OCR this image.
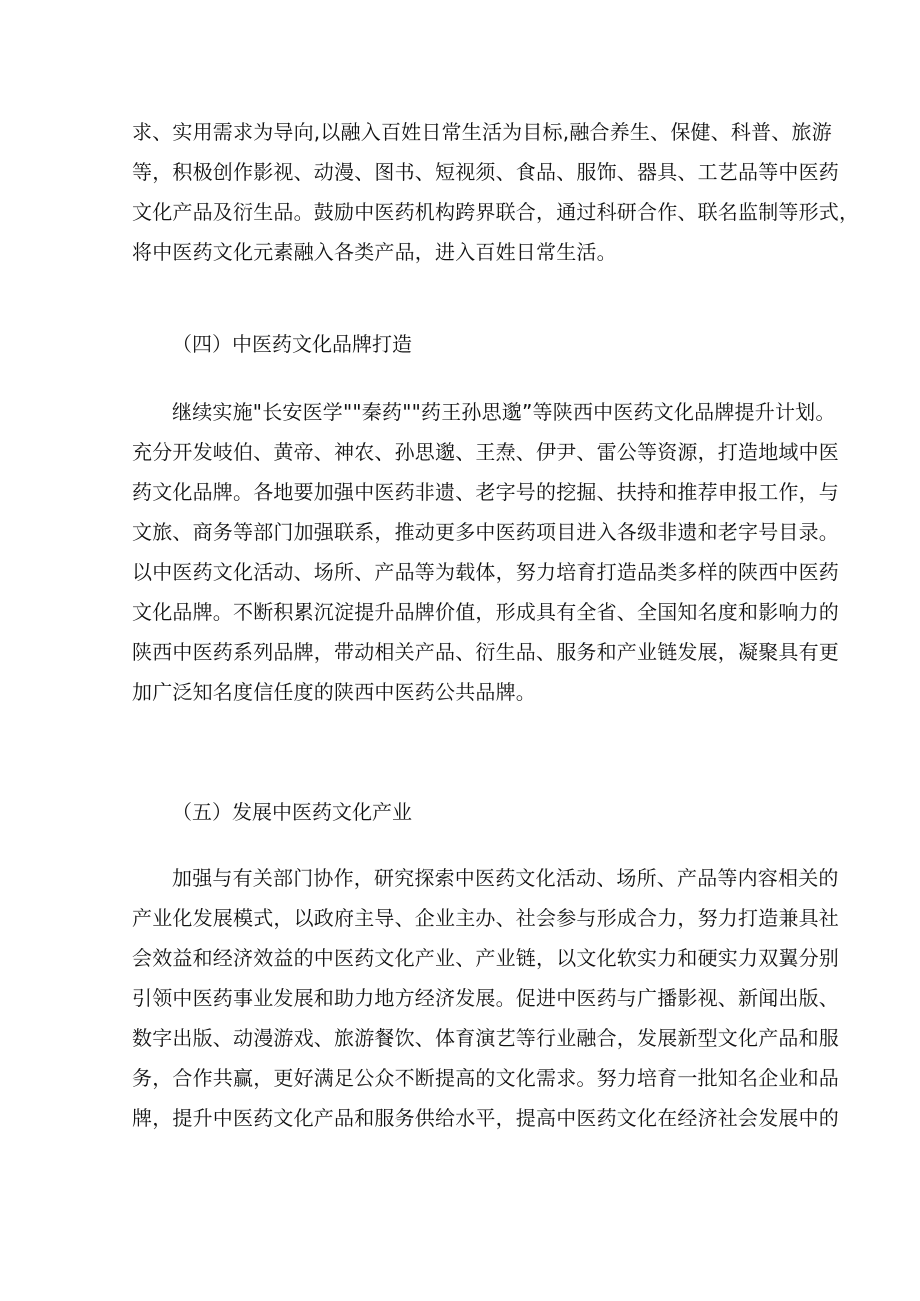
求、实用需求为导向,以融入百姓日常生活为目标,融合养生、保健、科普、旅游
等，积极创作影视、动漫、图书、短视须、食品、服饰、器具、工艺品等中医药
文化产品及衍生品。鼓励中医药机构跨界联合，通过科研合作、联名监制等形式，
将中医药文化元素融入各类产品，进入百姓日常生活。
（四）中医药文化品牌打造
继续实施"长安医学""秦药""药王孙思邈”等陕西中医药文化品牌提升计划。
充分开发岐伯、黄帝、神农、孙思邈、王焘、伊尹、雷公等资源，打造地域中医
药文化品牌。各地要加强中医药非遗、老字号的挖掘、扶持和推荐申报工作，与
文旅、商务等部门加强联系，推动更多中医药项目进入各级非遗和老字号目录。
以中医药文化活动、场所、产品等为载体，努力培育打造品类多样的陕西中医药
文化品牌。不断积累沉淀提升品牌价值，形成具有全省、全国知名度和影响力的
陕西中医药系列品牌，带动相关产品、衍生品、服务和产业链发展，凝聚具有更
加广泛知名度信任度的陕西中医药公共品牌。
（五）发展中医药文化产业
加强与有关部门协作，研究探索中医药文化活动、场所、产品等内容相关的
产业化发展模式，以政府主导、企业主办、社会参与形成合力，努力打造兼具社
会效益和经济效益的中医药文化产业、产业链，以文化软实力和硬实力双翼分别
引领中医药事业发展和助力地方经济发展。促进中医药与广播影视、新闻出版、
数字出版、动漫游戏、旅游餐饮、体育演艺等行业融合，发展新型文化产品和服
务，合作共赢，更好满足公众不断提高的文化需求。努力培育一批知名企业和品
牌，提升中医药文化产品和服务供给水平，提高中医药文化在经济社会发展中的
